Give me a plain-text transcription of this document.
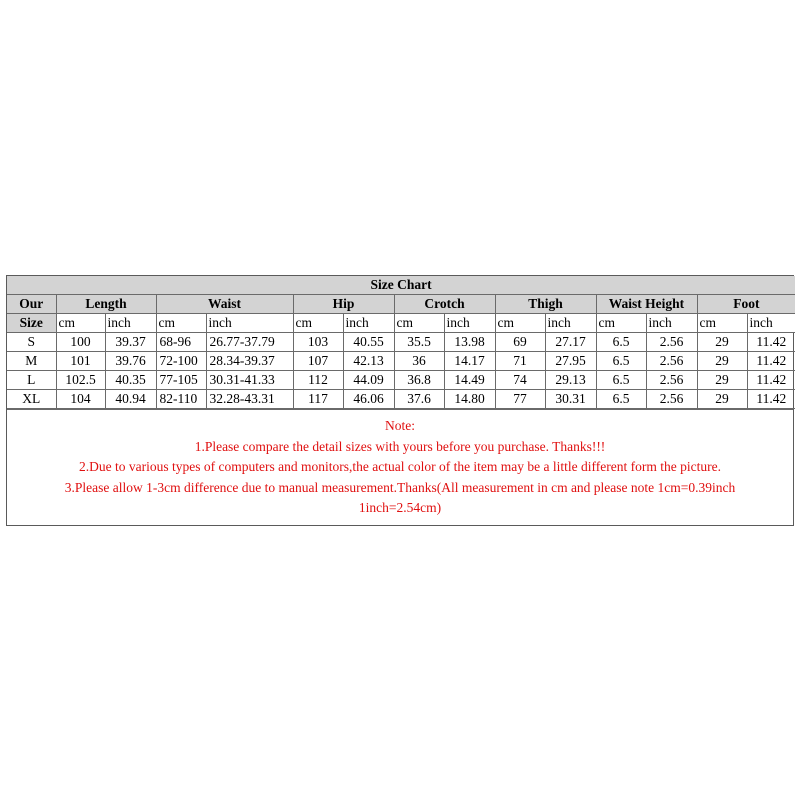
Size Chart														
Our	Length		Waist		Hip		Crotch		Thigh		Waist Height		Foot	
Size	cm	inch	cm	inch	cm	inch	cm	inch	cm	inch	cm	inch	cm	inch
S	100	39.37	68-96	26.77-37.79	103	40.55	35.5	13.98	69	27.17	6.5	2.56	29	11.42
M	101	39.76	72-100	28.34-39.37	107	42.13	36	14.17	71	27.95	6.5	2.56	29	11.42
L	102.5	40.35	77-105	30.31-41.33	112	44.09	36.8	14.49	74	29.13	6.5	2.56	29	11.42
XL	104	40.94	82-110	32.28-43.31	117	46.06	37.6	14.80	77	30.31	6.5	2.56	29	11.42
Note:
1.Please compare the detail sizes with yours before you purchase. Thanks!!!
2.Due to various types of computers and monitors,the actual color of the item may be a little different form the picture.
3.Please allow 1-3cm difference due to manual measurement.Thanks(All measurement in cm and please note 1cm=0.39inch
1inch=2.54cm)
